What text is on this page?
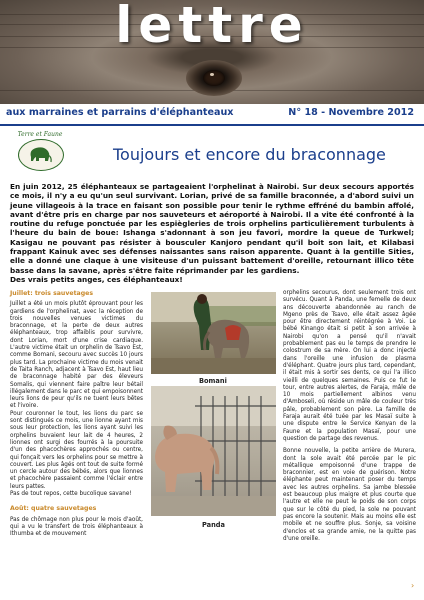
lettre
aux marraines et parrains d'éléphanteaux	N° 18 - Novembre 2012
Terre et Faune
Toujours et encore du braconnage

En juin 2012, 25 éléphanteaux se partageaient l'orphelinat à Nairobi. Sur deux secours apportés ce mois, il n'y a eu qu'un seul survivant. Lorian, privé de sa famille braconnée, a d'abord suivi un jeune villageois à la trace en faisant son possible pour tenir le rythme effréné du bambin affolé, avant d'être pris en charge par nos sauveteurs et aéroporté à Nairobi. Il a vite été confronté à la routine du refuge ponctuée par les espiègleries de trois orphelins particulièrement turbulents à l'heure du bain de boue: Ishanga s'adonnant à son jeu favori, mordre la queue de Turkwel; Kasigau ne pouvant pas résister à bousculer Kanjoro pendant qu'il boit son lait, et Kilabasi frappant Kainuk avec ses défenses naissantes sans raison apparente. Quant à la gentille Sities, elle a donné une claque à une visiteuse d'un puissant battement d'oreille, retournant illico tête basse dans la savane, après s'être faite réprimander par les gardiens.
Des vrais petits anges, ces éléphanteaux!

Juillet: trois sauvetages

Juillet a été un mois plutôt éprouvant pour les gardiens de l'orphelinat, avec la réception de trois nouvelles venues victimes du braconnage, et la perte de deux autres éléphanteaux, trop affaiblis pour survivre, dont Lorian, mort d'une crise cardiaque. L'autre victime était un orphelin de Tsavo Est, comme Bomani, secouru avec succès 10 jours plus tard. La prochaine victime du mois venait de Taita Ranch, adjacent à Tsavo Est, haut lieu de braconnage habité par des éleveurs Somalis, qui viennent faire paître leur bétail illégalement dans le parc et qui empoisonnent leurs lions de peur qu'ils ne tuent leurs bêtes et l'ivoire.

Pour couronner le tout, les lions du parc se sont distingués ce mois, une lionne ayant mis sous leur protection, les lions ayant suivi les orphelins buvaient leur lait de 4 heures, 2 lionnes ont surgi des fourrés à la poursuite d'un des phacochères approchés ou centre, qui fonçait vers les orphelins pour se mettre à couvert. Les plus âgés ont tout de suite formé un cercle autour des bébés, alors que lionnes et phacochère passaient comme l'éclair entre leurs pattes.

Pas de tout repos, cette bucolique savane!

Août: quatre sauvetages

Pas de chômage non plus pour le mois d'août, qui a vu le transfert de trois éléphanteaux à Ithumba et de mouvement

Bomani
Panda

orphelins secourus, dont seulement trois ont survécu. Quant à Panda, une femelle de deux ans découverte abandonnée au ranch de Mgeno près de Tsavo, elle était assez âgée pour être directement réintégrée à Voi. Le bébé Kinango était si petit à son arrivée à Nairobi qu'on a pensé qu'il n'avait probablement pas eu le temps de prendre le colostrum de sa mère. On lui a donc injecté dans l'oreille une infusion de plasma d'éléphant. Quatre jours plus tard, cependant, il était mis à sortir ses dents, ce qui l'a illico vieilli de quelques semaines. Puis ce fut le tour, entre autres alertes, de Faraja, mâle de 10 mois partiellement albinos venu d'Amboseli, où réside un mâle de couleur très pâle, probablement son père. La famille de Faraja aurait été tuée par les Masaï suite à une dispute entre le Service Kenyan de la Faune et la population Masaï, pour une question de partage des revenus.

Bonne nouvelle, la petite arrière de Murera, dont la sole avait été percée par le pic métallique empoisonné d'une trappe de braconnier, est en voie de guérison. Notre éléphante peut maintenant poser du temps avec les autres orphelins. Sa jambe blessée est beaucoup plus maigre et plus courte que l'autre et elle ne peut le poids de son corps que sur le côté du pied, la sole ne pouvant pas encore la soutenir. Mais au moins elle est mobile et ne souffre plus. Sonje, sa voisine d'enclos et sa grande amie, ne la quitte pas d'une oreille.

›
